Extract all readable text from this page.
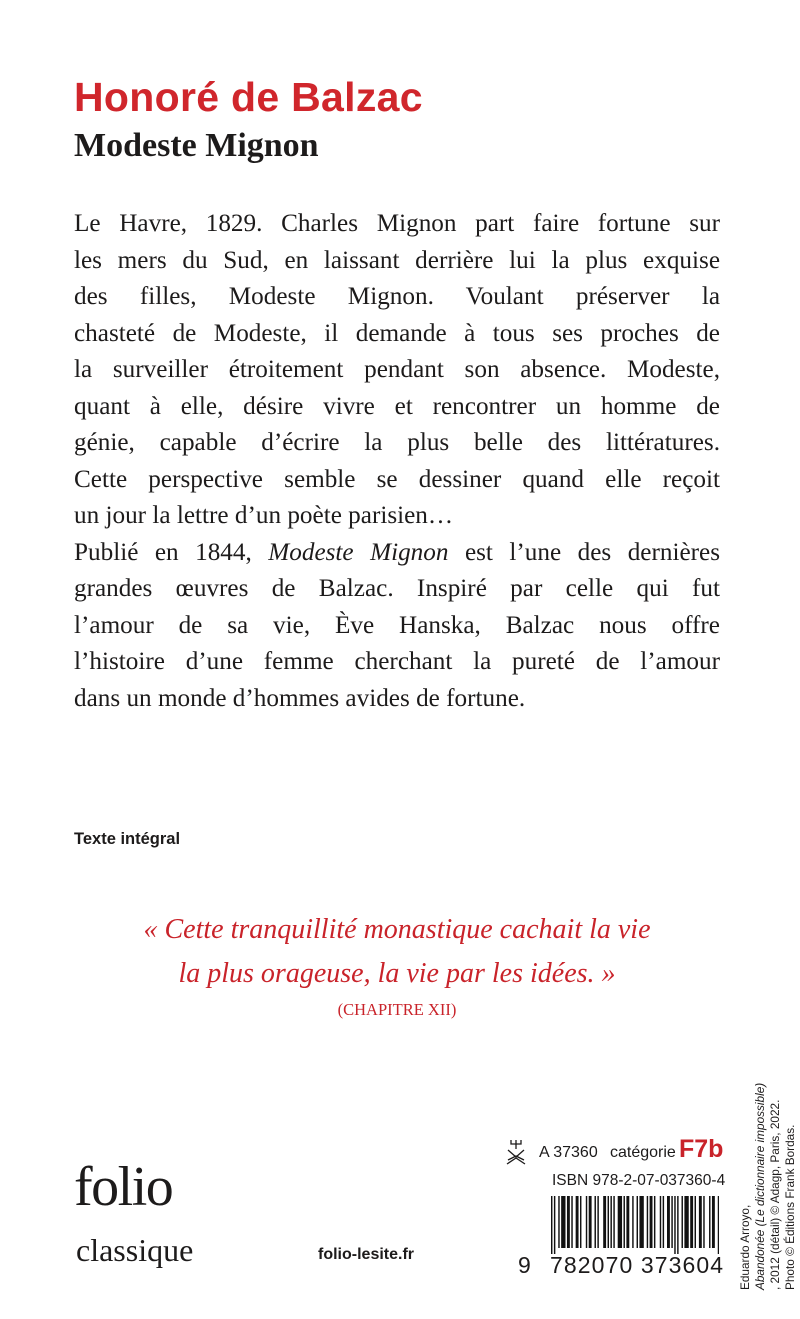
Honoré de Balzac
Modeste Mignon
Le Havre, 1829. Charles Mignon part faire fortune sur
les mers du Sud, en laissant derrière lui la plus exquise
des filles, Modeste Mignon. Voulant préserver la
chasteté de Modeste, il demande à tous ses proches de
la surveiller étroitement pendant son absence. Modeste,
quant à elle, désire vivre et rencontrer un homme de
génie, capable d’écrire la plus belle des littératures.
Cette perspective semble se dessiner quand elle reçoit
un jour la lettre d’un poète parisien…
Publié en 1844, Modeste Mignon est l’une des dernières
grandes œuvres de Balzac. Inspiré par celle qui fut
l’amour de sa vie, Ève Hanska, Balzac nous offre
l’histoire d’une femme cherchant la pureté de l’amour
dans un monde d’hommes avides de fortune.

Texte intégral

« Cette tranquillité monastique cachait la vie
la plus orageuse, la vie par les idées. »

(CHAPITRE XII)

folio

classique	folio-lesite.fr

A 37360 catégorie F7b
ISBN 978-2-07-037360-4
9 782070 373604 Eduardo Arroyo, Abandonée (Le dictionnaire impossible) , 2012 (détail) © Adagp, Paris, 2022. Photo © Éditions Frank Bordas.
